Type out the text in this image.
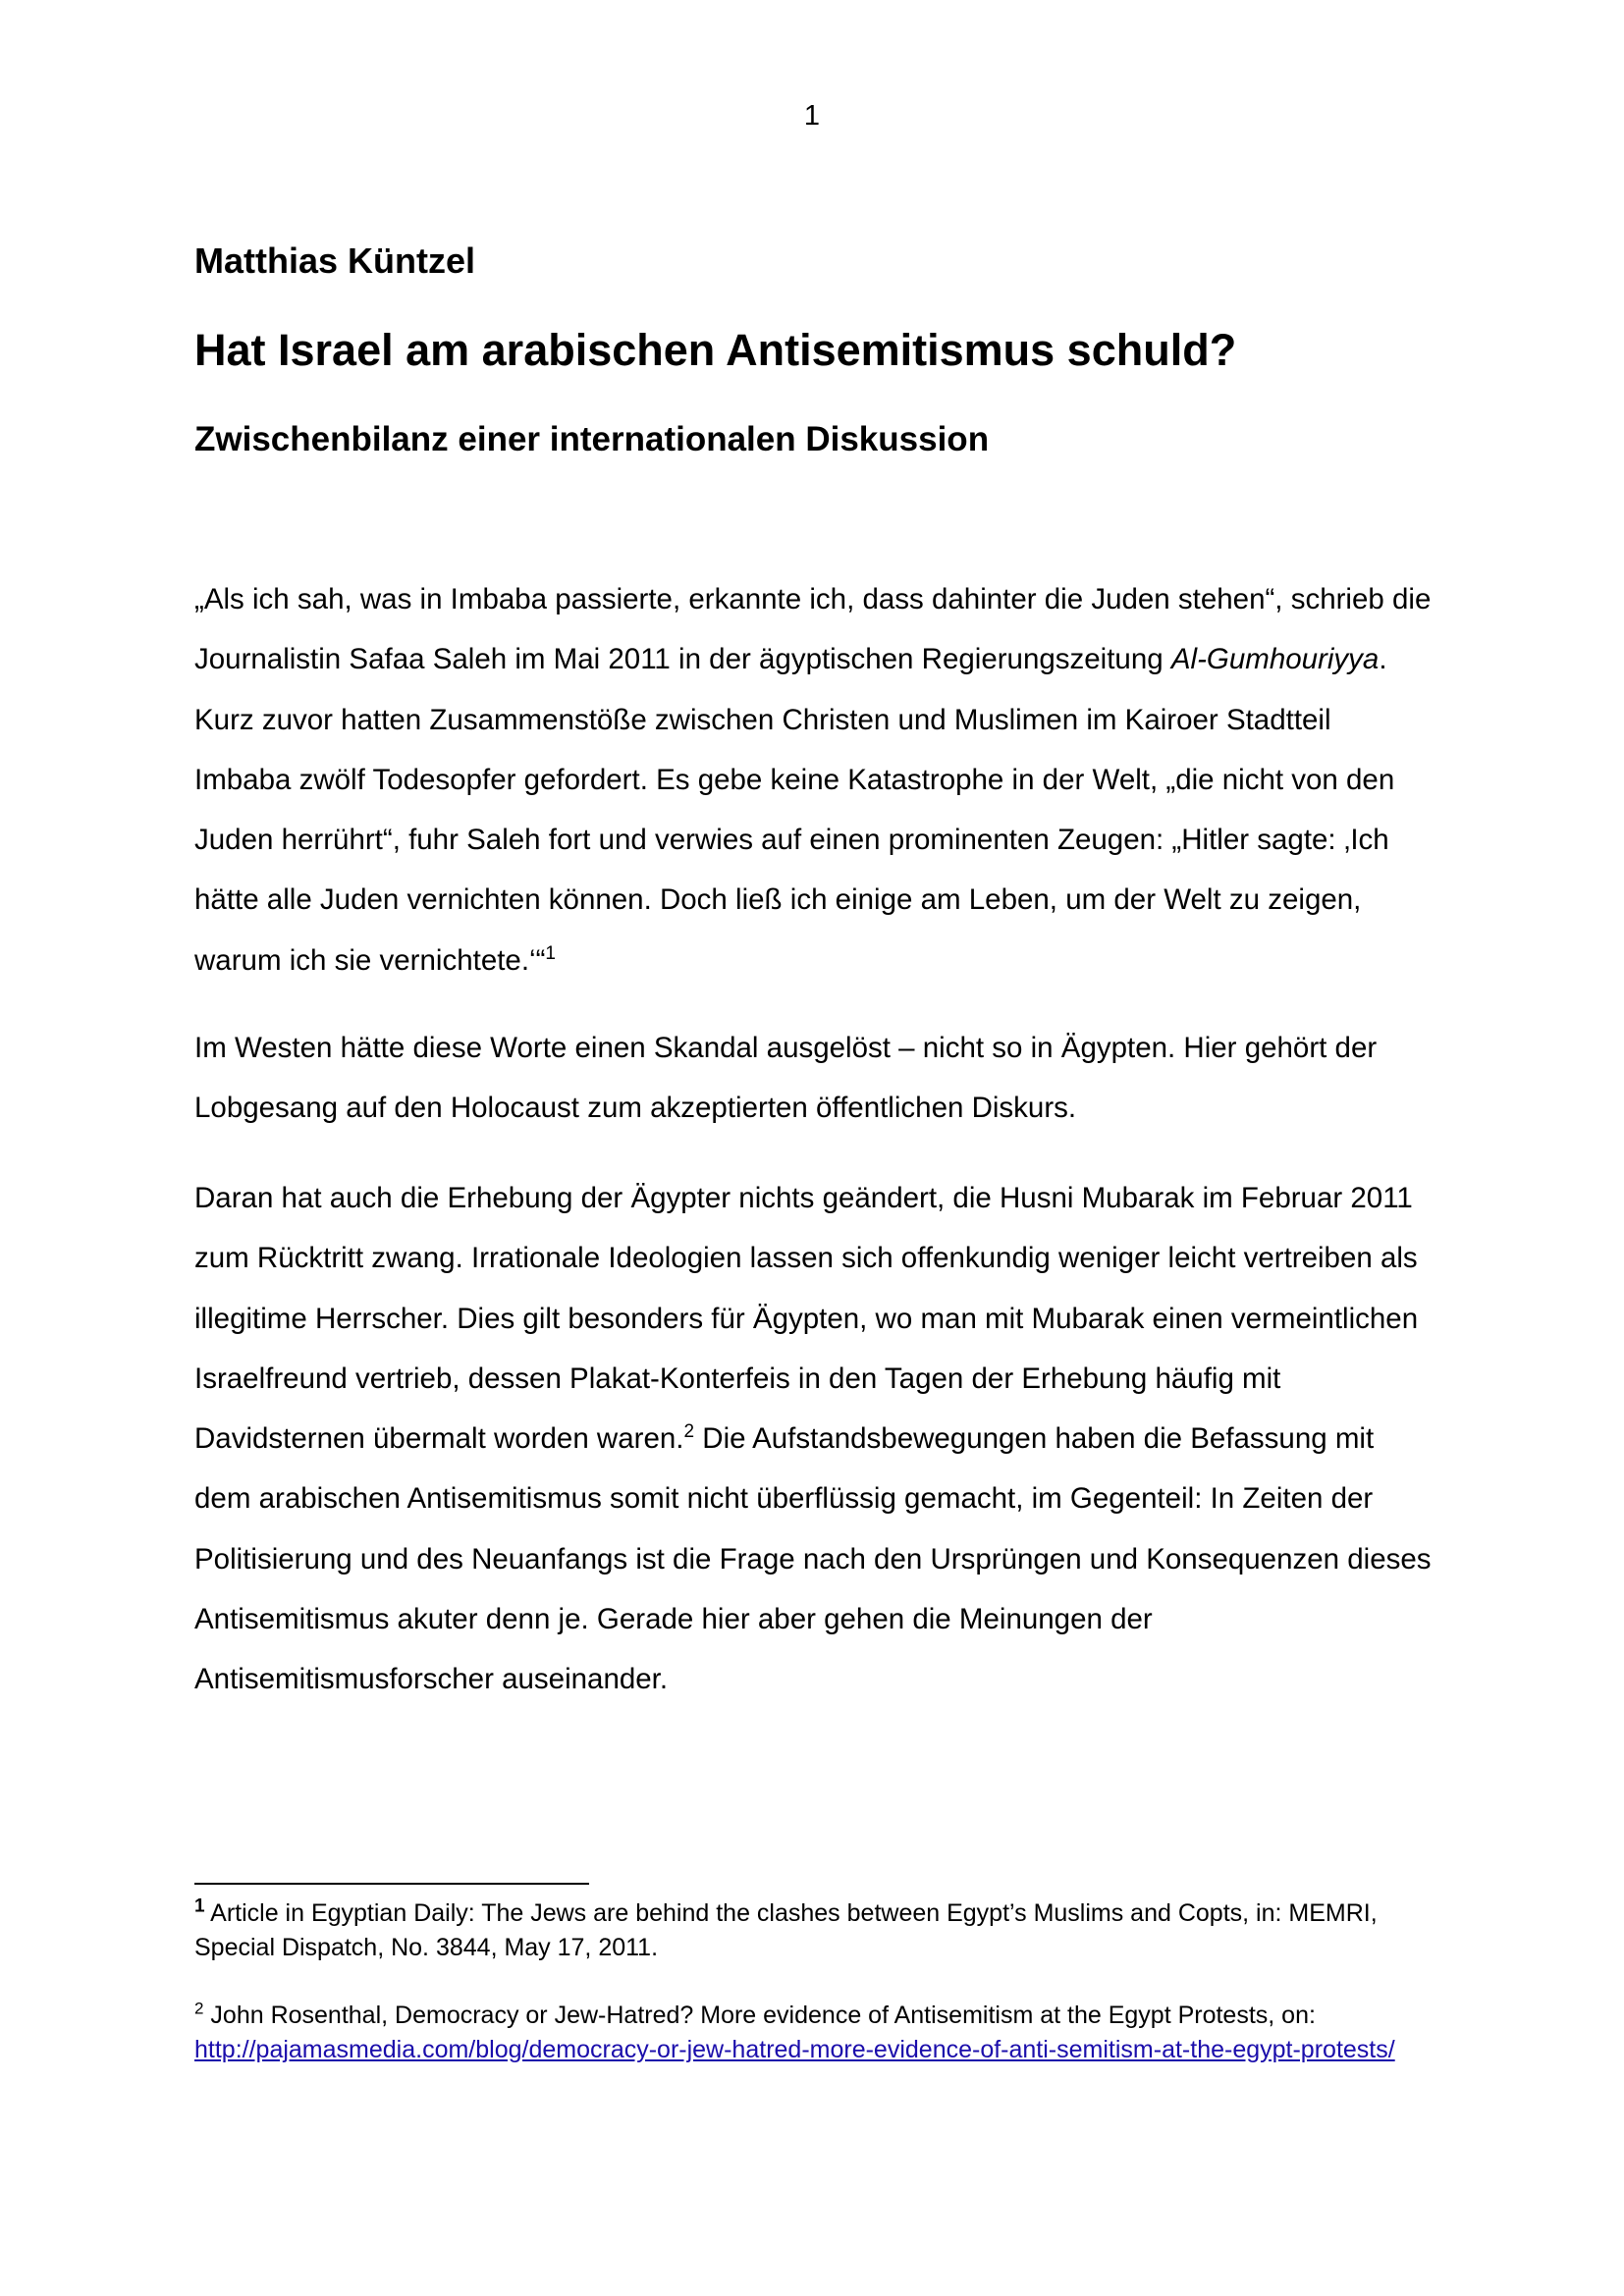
1
Matthias Küntzel
Hat Israel am arabischen Antisemitismus schuld?
Zwischenbilanz einer internationalen Diskussion

„Als ich sah, was in Imbaba passierte, erkannte ich, dass dahinter die Juden stehen“, schrieb die Journalistin Safaa Saleh im Mai 2011 in der ägyptischen Regierungszeitung Al-Gumhouriyya. Kurz zuvor hatten Zusammenstöße zwischen Christen und Muslimen im Kairoer Stadtteil Imbaba zwölf Todesopfer gefordert. Es gebe keine Katastrophe in der Welt, „die nicht von den Juden herrührt“, fuhr Saleh fort und verwies auf einen prominenten Zeugen: „Hitler sagte: ‚Ich hätte alle Juden vernichten können. Doch ließ ich einige am Leben, um der Welt zu zeigen, warum ich sie vernichtete.‘“$^1$

Im Westen hätte diese Worte einen Skandal ausgelöst – nicht so in Ägypten. Hier gehört der Lobgesang auf den Holocaust zum akzeptierten öffentlichen Diskurs.

Daran hat auch die Erhebung der Ägypter nichts geändert, die Husni Mubarak im Februar 2011 zum Rücktritt zwang. Irrationale Ideologien lassen sich offenkundig weniger leicht vertreiben als illegitime Herrscher. Dies gilt besonders für Ägypten, wo man mit Mubarak einen vermeintlichen Israelfreund vertrieb, dessen Plakat-Konterfeis in den Tagen der Erhebung häufig mit Davidsternen übermalt worden waren.$^2$ Die Aufstandsbewegungen haben die Befassung mit dem arabischen Antisemitismus somit nicht überflüssig gemacht, im Gegenteil: In Zeiten der Politisierung und des Neuanfangs ist die Frage nach den Ursprüngen und Konsequenzen dieses Antisemitismus akuter denn je. Gerade hier aber gehen die Meinungen der Antisemitismusforscher auseinander.

$^1$ Article in Egyptian Daily: The Jews are behind the clashes between Egypt’s Muslims and Copts, in: MEMRI, Special Dispatch, No. 3844, May 17, 2011.

$^2$ John Rosenthal, Democracy or Jew-Hatred? More evidence of Antisemitism at the Egypt Protests, on: http://pajamasmedia.com/blog/democracy-or-jew-hatred-more-evidence-of-anti-semitism-at-the-egypt-protests/
